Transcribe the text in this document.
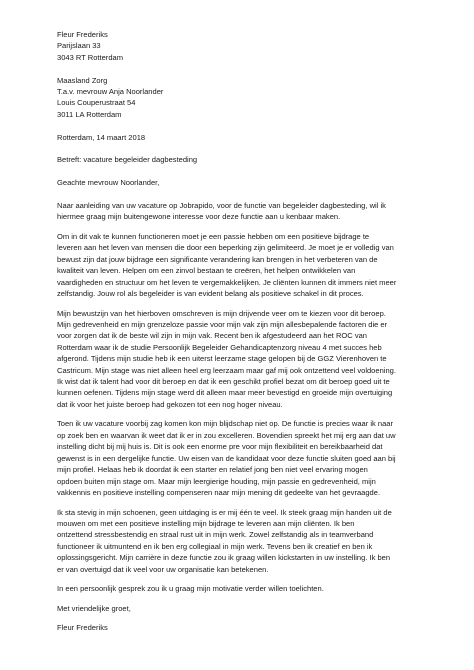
Fleur Frederiks
Parijslaan 33
3043 RT Rotterdam
Maasland Zorg
T.a.v. mevrouw Anja Noorlander
Louis Couperustraat 54
3011 LA Rotterdam
Rotterdam, 14 maart 2018
Betreft: vacature begeleider dagbesteding
Geachte mevrouw Noorlander,
Naar aanleiding van uw vacature op Jobrapido, voor de functie van begeleider dagbesteding, wil ik
hiermee graag mijn buitengewone interesse voor deze functie aan u kenbaar maken.
Om in dit vak te kunnen functioneren moet je een passie hebben om een positieve bijdrage te
leveren aan het leven van mensen die door een beperking zijn gelimiteerd. Je moet je er volledig van
bewust zijn dat jouw bijdrage een significante verandering kan brengen in het verbeteren van de
kwaliteit van leven. Helpen om een zinvol bestaan te creëren, het helpen ontwikkelen van
vaardigheden en structuur om het leven te vergemakkelijken. Je cliënten kunnen dit immers niet meer
zelfstandig. Jouw rol als begeleider is van evident belang als positieve schakel in dit proces.
Mijn bewustzijn van het hierboven omschreven is mijn drijvende veer om te kiezen voor dit beroep.
Mijn gedrevenheid en mijn grenzeloze passie voor mijn vak zijn mijn allesbepalende factoren die er
voor zorgen dat ik de beste wil zijn in mijn vak. Recent ben ik afgestudeerd aan het ROC van
Rotterdam waar ik de studie Persoonlijk Begeleider Gehandicaptenzorg niveau 4 met succes heb
afgerond. Tijdens mijn studie heb ik een uiterst leerzame stage gelopen bij de GGZ Vierenhoven te
Castricum. Mijn stage was niet alleen heel erg leerzaam maar gaf mij ook ontzettend veel voldoening.
Ik wist dat ik talent had voor dit beroep en dat ik een geschikt profiel bezat om dit beroep goed uit te
kunnen oefenen. Tijdens mijn stage werd dit alleen maar meer bevestigd en groeide mijn overtuiging
dat ik voor het juiste beroep had gekozen tot een nog hoger niveau.
Toen ik uw vacature voorbij zag komen kon mijn blijdschap niet op. De functie is precies waar ik naar
op zoek ben en waarvan ik weet dat ik er in zou excelleren. Bovendien spreekt het mij erg aan dat uw
instelling dicht bij mij huis is. Dit is ook een enorme pre voor mijn flexibiliteit en bereikbaarheid dat
gewenst is in een dergelijke functie. Uw eisen van de kandidaat voor deze functie sluiten goed aan bij
mijn profiel. Helaas heb ik doordat ik een starter en relatief jong ben niet veel ervaring mogen
opdoen buiten mijn stage om. Maar mijn leergierige houding, mijn passie en gedrevenheid, mijn
vakkennis en positieve instelling compenseren naar mijn mening dit gedeelte van het gevraagde.
Ik sta stevig in mijn schoenen, geen uitdaging is er mij één te veel. Ik steek graag mijn handen uit de
mouwen om met een positieve instelling mijn bijdrage te leveren aan mijn cliënten. Ik ben
ontzettend stressbestendig en straal rust uit in mijn werk. Zowel zelfstandig als in teamverband
functioneer ik uitmuntend en ik ben erg collegiaal in mijn werk. Tevens ben ik creatief en ben ik
oplossingsgericht. Mijn carrière in deze functie zou ik graag willen kickstarten in uw instelling. Ik ben
er van overtuigd dat ik veel voor uw organisatie kan betekenen.
In een persoonlijk gesprek zou ik u graag mijn motivatie verder willen toelichten.
Met vriendelijke groet,
Fleur Frederiks
